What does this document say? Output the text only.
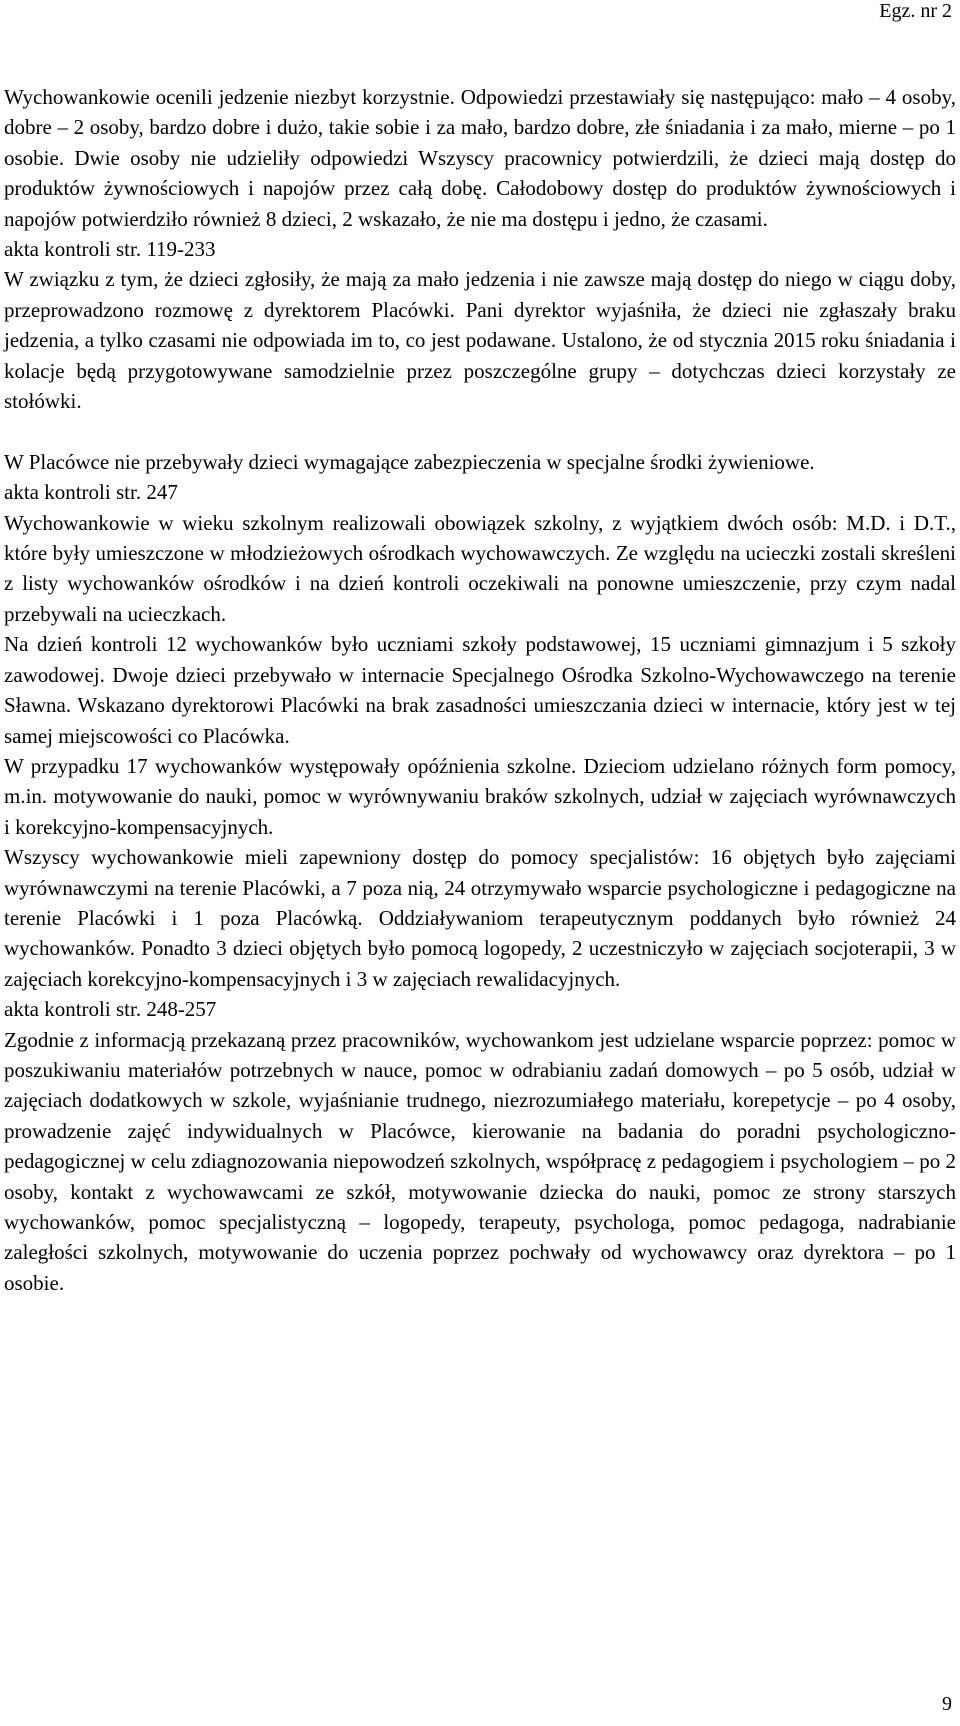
Egz. nr 2

Wychowankowie ocenili jedzenie niezbyt korzystnie. Odpowiedzi przestawiały się następująco: mało – 4 osoby, dobre – 2 osoby, bardzo dobre i dużo, takie sobie i za mało, bardzo dobre, złe śniadania i za mało, mierne – po 1 osobie. Dwie osoby nie udzieliły odpowiedzi Wszyscy pracownicy potwierdzili, że dzieci mają dostęp do produktów żywnościowych i napojów przez całą dobę. Całodobowy dostęp do produktów żywnościowych i napojów potwierdziło również 8 dzieci, 2 wskazało, że nie ma dostępu i jedno, że czasami.

akta kontroli str. 119-233

W związku z tym, że dzieci zgłosiły, że mają za mało jedzenia i nie zawsze mają dostęp do niego w ciągu doby, przeprowadzono rozmowę z dyrektorem Placówki. Pani dyrektor wyjaśniła, że dzieci nie zgłaszały braku jedzenia, a tylko czasami nie odpowiada im to, co jest podawane. Ustalono, że od stycznia 2015 roku śniadania i kolacje będą przygotowywane samodzielnie przez poszczególne grupy – dotychczas dzieci korzystały ze stołówki.

W Placówce nie przebywały dzieci wymagające zabezpieczenia w specjalne środki żywieniowe.

akta kontroli str. 247

Wychowankowie w wieku szkolnym realizowali obowiązek szkolny, z wyjątkiem dwóch osób: M.D. i D.T., które były umieszczone w młodzieżowych ośrodkach wychowawczych. Ze względu na ucieczki zostali skreśleni z listy wychowanków ośrodków i na dzień kontroli oczekiwali na ponowne umieszczenie, przy czym nadal przebywali na ucieczkach.

Na dzień kontroli 12 wychowanków było uczniami szkoły podstawowej, 15 uczniami gimnazjum i 5 szkoły zawodowej. Dwoje dzieci przebywało w internacie Specjalnego Ośrodka Szkolno-Wychowawczego na terenie Sławna. Wskazano dyrektorowi Placówki na brak zasadności umieszczania dzieci w internacie, który jest w tej samej miejscowości co Placówka.

W przypadku 17 wychowanków występowały opóźnienia szkolne. Dzieciom udzielano różnych form pomocy, m.in. motywowanie do nauki, pomoc w wyrównywaniu braków szkolnych, udział w zajęciach wyrównawczych i korekcyjno-kompensacyjnych.

Wszyscy wychowankowie mieli zapewniony dostęp do pomocy specjalistów: 16 objętych było zajęciami wyrównawczymi na terenie Placówki, a 7 poza nią, 24 otrzymywało wsparcie psychologiczne i pedagogiczne na terenie Placówki i 1 poza Placówką. Oddziaływaniom terapeutycznym poddanych było również 24 wychowanków. Ponadto 3 dzieci objętych było pomocą logopedy, 2 uczestniczyło w zajęciach socjoterapii, 3 w zajęciach korekcyjno-kompensacyjnych i 3 w zajęciach rewalidacyjnych.

akta kontroli str. 248-257

Zgodnie z informacją przekazaną przez pracowników, wychowankom jest udzielane wsparcie poprzez: pomoc w poszukiwaniu materiałów potrzebnych w nauce, pomoc w odrabianiu zadań domowych – po 5 osób, udział w zajęciach dodatkowych w szkole, wyjaśnianie trudnego, niezrozumiałego materiału, korepetycje – po 4 osoby, prowadzenie zajęć indywidualnych w Placówce, kierowanie na badania do poradni psychologiczno-pedagogicznej w celu zdiagnozowania niepowodzeń szkolnych, współpracę z pedagogiem i psychologiem – po 2 osoby, kontakt z wychowawcami ze szkół, motywowanie dziecka do nauki, pomoc ze strony starszych wychowanków, pomoc specjalistyczną – logopedy, terapeuty, psychologa, pomoc pedagoga, nadrabianie zaległości szkolnych, motywowanie do uczenia poprzez pochwały od wychowawcy oraz dyrektora – po 1 osobie.

9
